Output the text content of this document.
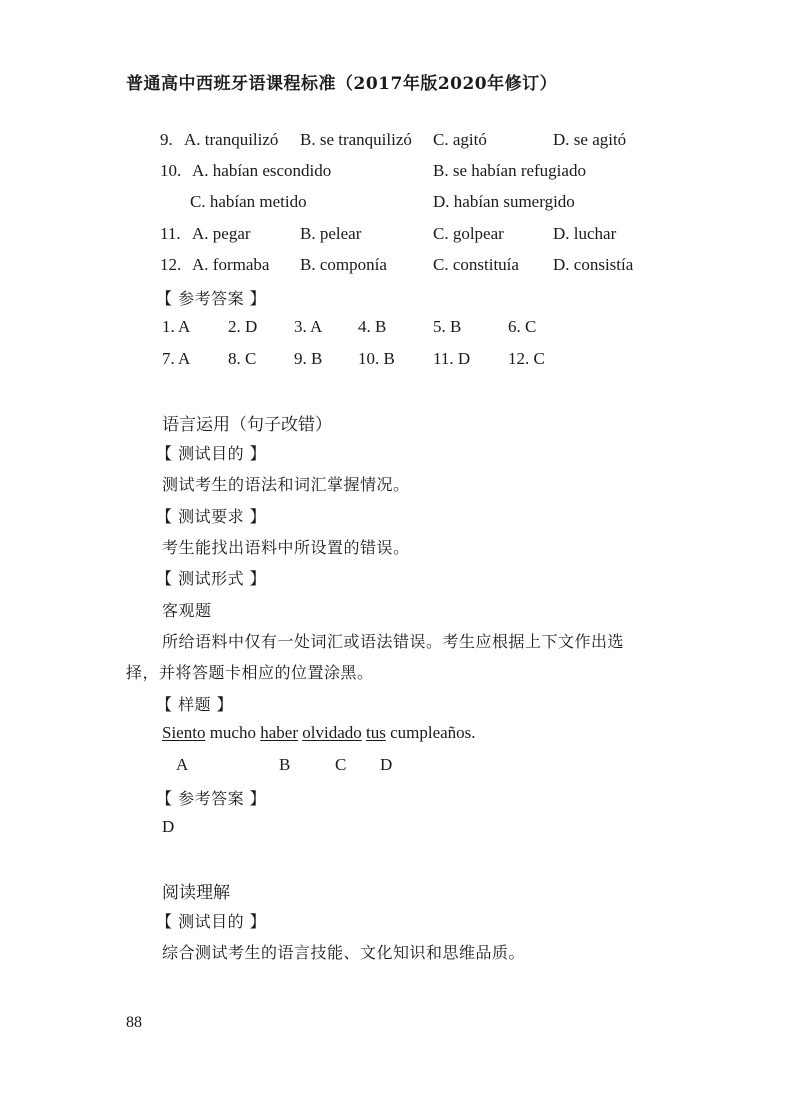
普通高中西班牙语课程标准（2017年版2020年修订）
9. A. tranquilizó B. se tranquilizó C. agitó	D. se agitó
10. A. habían escondido	B. se habían refugiado
C. habían metido	D. habían sumergido
11. A. pegar	B. pelear	C. golpear	D. luchar
12. A. formaba B. componía	C. constituía D. consistía
【 参考答案 】
1. A 2. D 3. A 4. B	5. B	6. C
7. A 8. C 9. B 10. B 11. D 12. C
语言运用（句子改错）
【 测试目的 】
测试考生的语法和词汇掌握情况。
【 测试要求 】
考生能找出语料中所设置的错误。
【 测试形式 】
客观题
所给语料中仅有一处词汇或语法错误。考生应根据上下文作出选
择，并将答题卡相应的位置涂黑。
【 样题 】
Siento mucho haber olvidado tus cumpleaños.
A	B	C D
【 参考答案 】
D
阅读理解
【 测试目的 】
综合测试考生的语言技能、文化知识和思维品质。
88
